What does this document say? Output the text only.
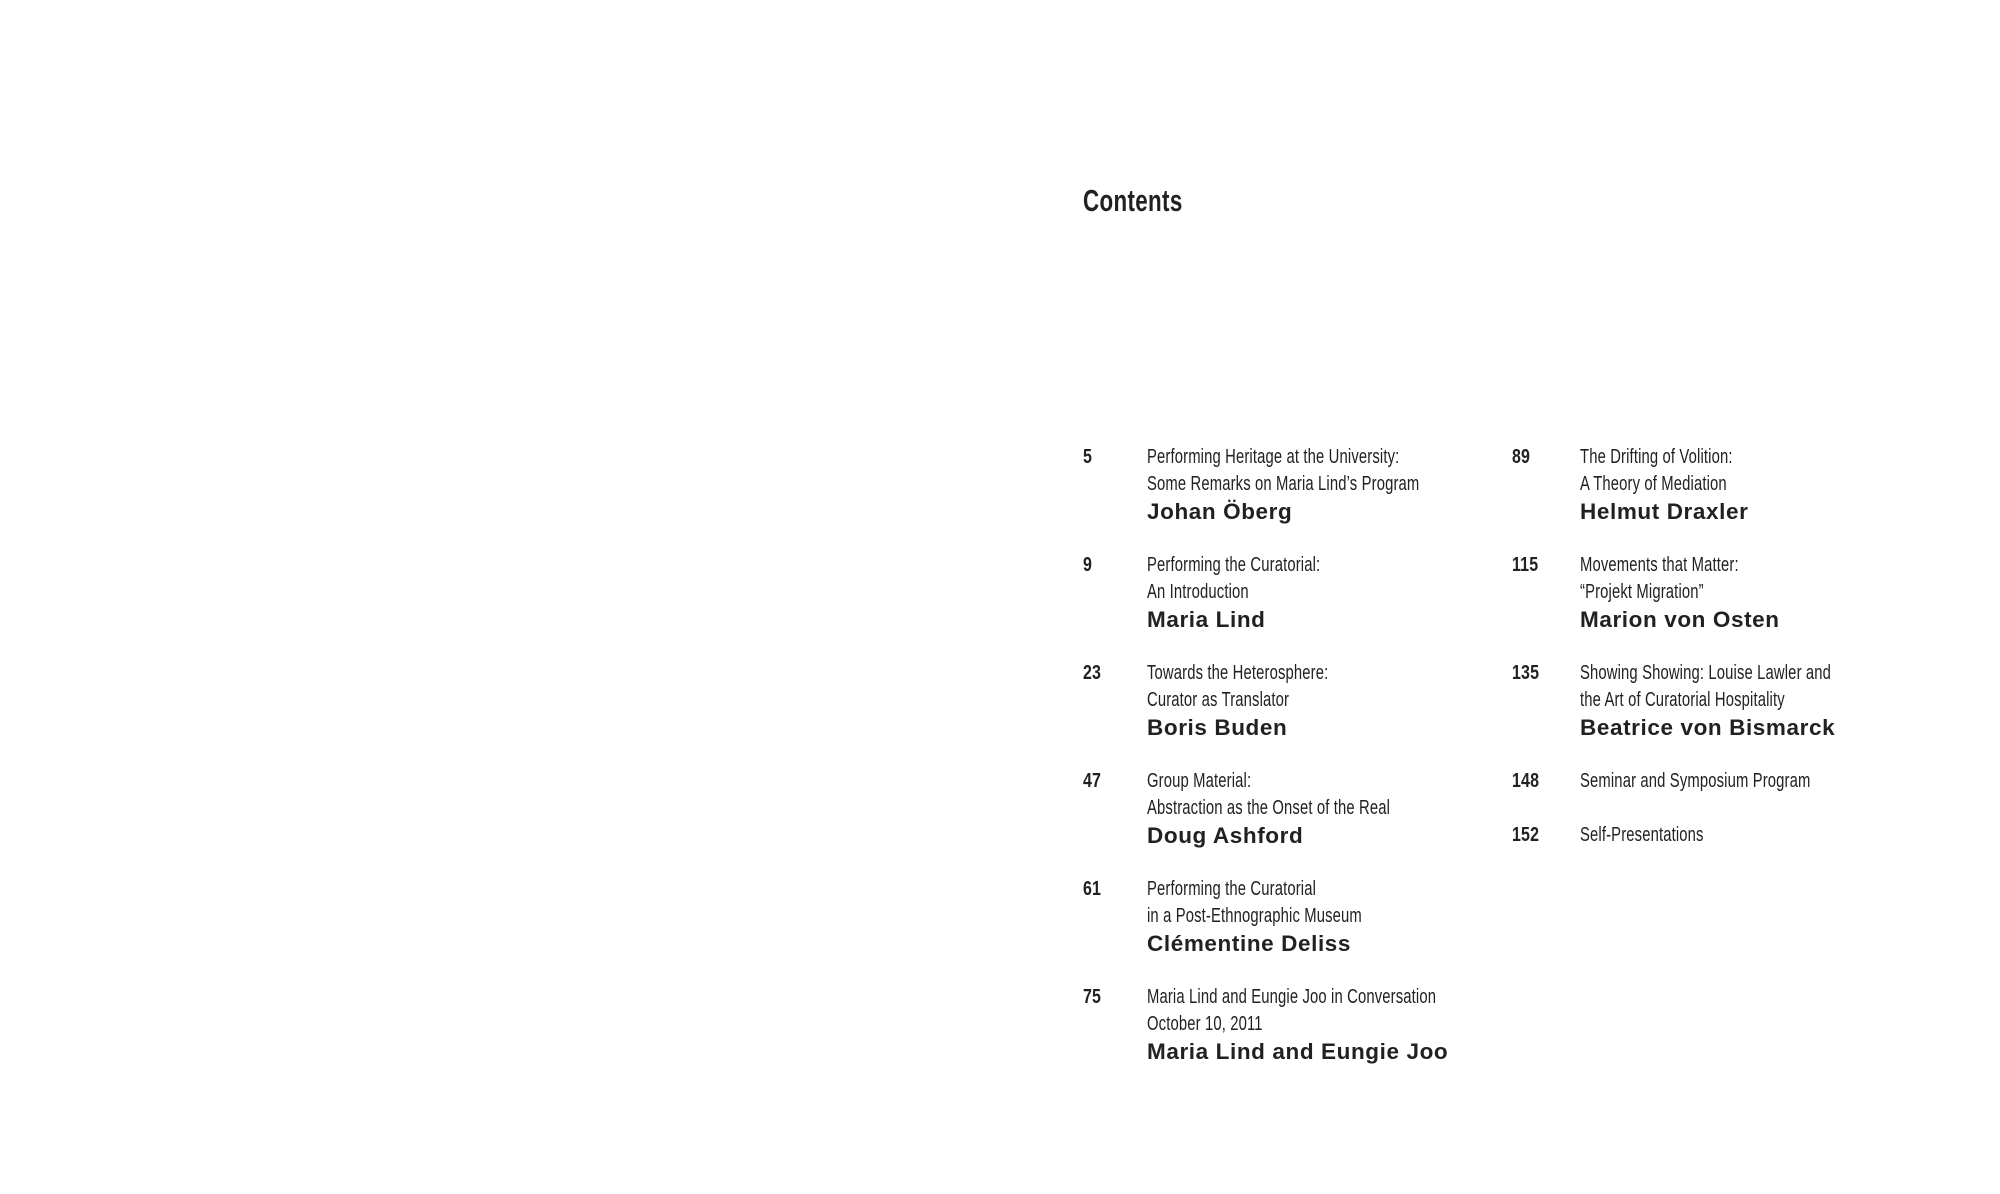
Contents
5	Performing Heritage at the University:
Some Remarks on Maria Lind’s Program
Johan Öberg
9	Performing the Curatorial:
An Introduction
Maria Lind
23	Towards the Heterosphere:
Curator as Translator
Boris Buden
47	Group Material:
Abstraction as the Onset of the Real
Doug Ashford
61	Performing the Curatorial
in a Post-Ethnographic Museum
Clémentine Deliss
75	Maria Lind and Eungie Joo in Conversation
October 10, 2011
Maria Lind and Eungie Joo
89	The Drifting of Volition:
A Theory of Mediation
Helmut Draxler
115	Movements that Matter:
“Projekt Migration”
Marion von Osten
135	Showing Showing: Louise Lawler and
the Art of Curatorial Hospitality
Beatrice von Bismarck
148	Seminar and Symposium Program
152	Self-Presentations
